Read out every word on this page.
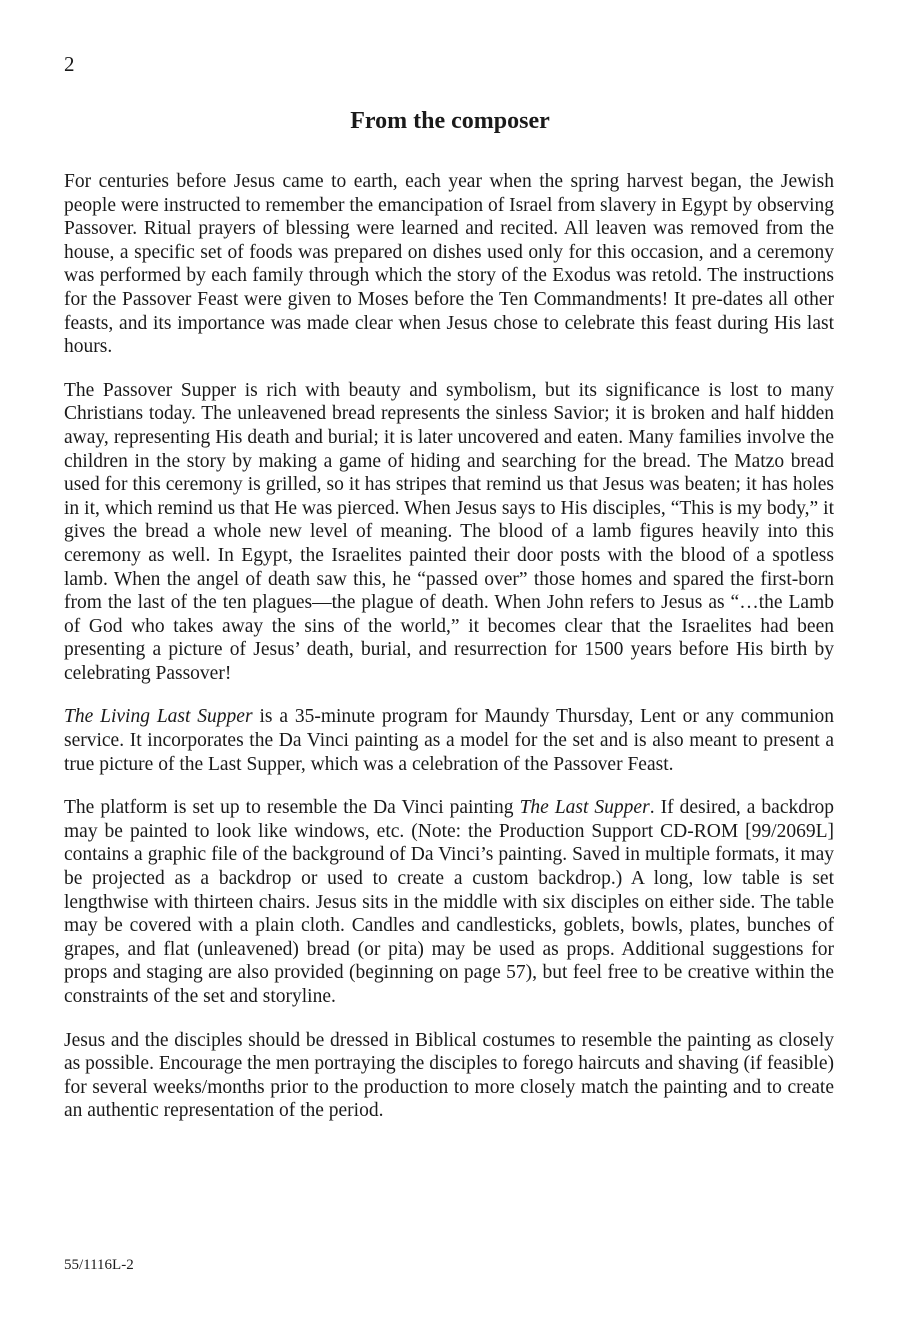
2
From the composer

For centuries before Jesus came to earth, each year when the spring harvest began, the Jewish people were instructed to remember the emancipation of Israel from slavery in Egypt by observing Passover. Ritual prayers of blessing were learned and recited. All leaven was removed from the house, a specific set of foods was prepared on dishes used only for this occasion, and a ceremony was performed by each family through which the story of the Exodus was retold. The instructions for the Passover Feast were given to Moses before the Ten Commandments! It pre-dates all other feasts, and its importance was made clear when Jesus chose to celebrate this feast during His last hours.

The Passover Supper is rich with beauty and symbolism, but its significance is lost to many Christians today. The unleavened bread represents the sinless Savior; it is broken and half hidden away, representing His death and burial; it is later uncovered and eaten. Many families involve the children in the story by making a game of hiding and searching for the bread. The Matzo bread used for this ceremony is grilled, so it has stripes that remind us that Jesus was beaten; it has holes in it, which remind us that He was pierced. When Jesus says to His disciples, “This is my body,” it gives the bread a whole new level of meaning. The blood of a lamb figures heavily into this ceremony as well. In Egypt, the Israelites painted their door posts with the blood of a spotless lamb. When the angel of death saw this, he “passed over” those homes and spared the first-born from the last of the ten plagues—the plague of death. When John refers to Jesus as “…the Lamb of God who takes away the sins of the world,” it becomes clear that the Israelites had been presenting a picture of Jesus’ death, burial, and resurrection for 1500 years before His birth by celebrating Passover!

The Living Last Supper is a 35-minute program for Maundy Thursday, Lent or any communion service. It incorporates the Da Vinci painting as a model for the set and is also meant to present a true picture of the Last Supper, which was a celebration of the Passover Feast.

The platform is set up to resemble the Da Vinci painting The Last Supper. If desired, a backdrop may be painted to look like windows, etc. (Note: the Production Support CD-ROM [99/2069L] contains a graphic file of the background of Da Vinci’s painting. Saved in multiple formats, it may be projected as a backdrop or used to create a custom backdrop.) A long, low table is set lengthwise with thirteen chairs. Jesus sits in the middle with six disciples on either side. The table may be covered with a plain cloth. Candles and candlesticks, goblets, bowls, plates, bunches of grapes, and flat (unleavened) bread (or pita) may be used as props. Additional suggestions for props and staging are also provided (beginning on page 57), but feel free to be creative within the constraints of the set and storyline.

Jesus and the disciples should be dressed in Biblical costumes to resemble the painting as closely as possible. Encourage the men portraying the disciples to forego haircuts and shaving (if feasible) for several weeks/months prior to the production to more closely match the painting and to create an authentic representation of the period.

55/1116L-2
